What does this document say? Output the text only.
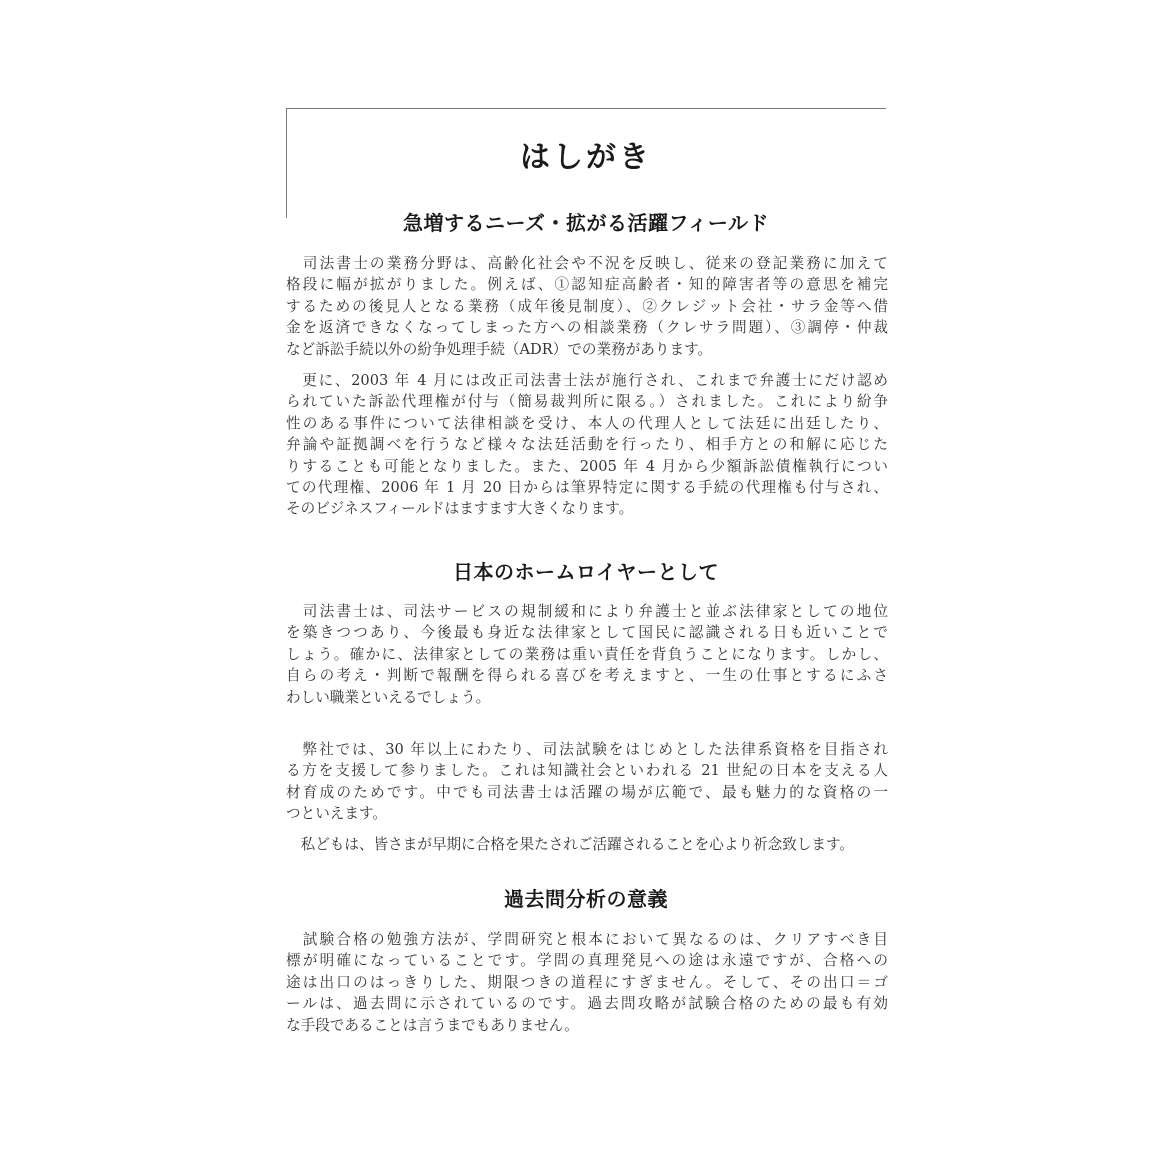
はしがき
急増するニーズ・拡がる活躍フィールド
　司法書士の業務分野は、高齢化社会や不況を反映し、従来の登記業務に加えて
格段に幅が拡がりました。例えば、①認知症高齢者・知的障害者等の意思を補完
するための後見人となる業務（成年後見制度）、②クレジット会社・サラ金等へ借
金を返済できなくなってしまった方への相談業務（クレサラ問題）、③調停・仲裁
など訴訟手続以外の紛争処理手続（ADR）での業務があります。
　更に、2003 年 4 月には改正司法書士法が施行され、これまで弁護士にだけ認め
られていた訴訟代理権が付与（簡易裁判所に限る。）されました。これにより紛争
性のある事件について法律相談を受け、本人の代理人として法廷に出廷したり、
弁論や証拠調べを行うなど様々な法廷活動を行ったり、相手方との和解に応じた
りすることも可能となりました。また、2005 年 4 月から少額訴訟債権執行につい
ての代理権、2006 年 1 月 20 日からは筆界特定に関する手続の代理権も付与され、
そのビジネスフィールドはますます大きくなります。
日本のホームロイヤーとして
　司法書士は、司法サービスの規制緩和により弁護士と並ぶ法律家としての地位
を築きつつあり、今後最も身近な法律家として国民に認識される日も近いことで
しょう。確かに、法律家としての業務は重い責任を背負うことになります。しかし、
自らの考え・判断で報酬を得られる喜びを考えますと、一生の仕事とするにふさ
わしい職業といえるでしょう。
　弊社では、30 年以上にわたり、司法試験をはじめとした法律系資格を目指され
る方を支援して参りました。これは知識社会といわれる 21 世紀の日本を支える人
材育成のためです。中でも司法書士は活躍の場が広範で、最も魅力的な資格の一
つといえます。
　私どもは、皆さまが早期に合格を果たされご活躍されることを心より祈念致します。
過去問分析の意義
　試験合格の勉強方法が、学問研究と根本において異なるのは、クリアすべき目
標が明確になっていることです。学問の真理発見への途は永遠ですが、合格への
途は出口のはっきりした、期限つきの道程にすぎません。そして、その出口＝ゴ
ールは、過去問に示されているのです。過去問攻略が試験合格のための最も有効
な手段であることは言うまでもありません。
